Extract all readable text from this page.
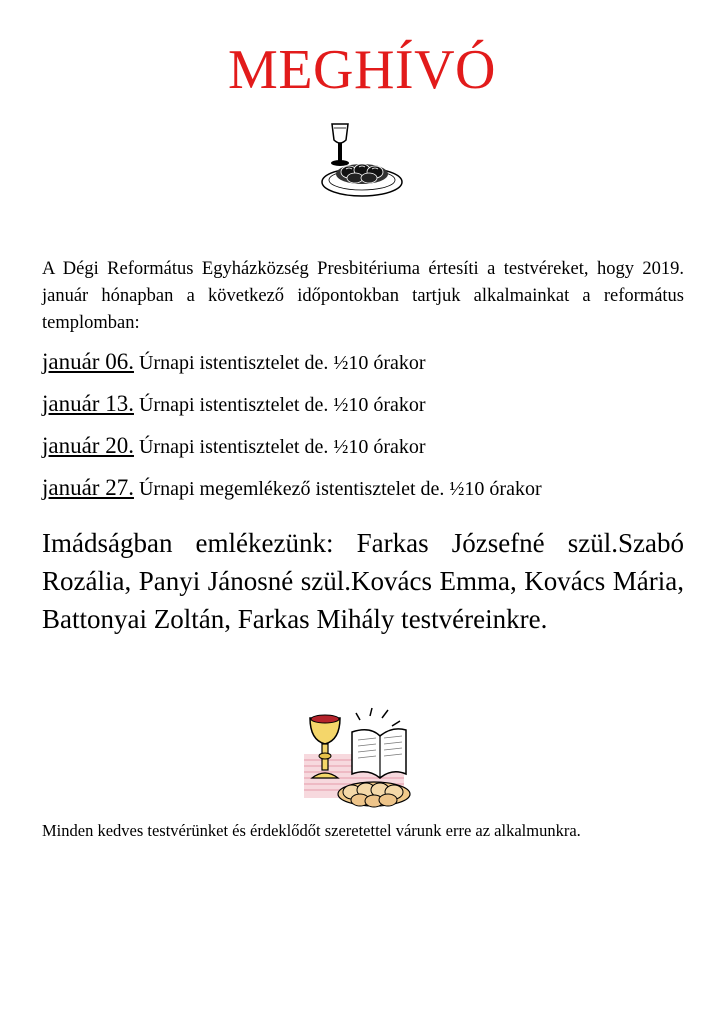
MEGHÍVÓ
A Dégi Református Egyházközség Presbitériuma értesíti a testvéreket, hogy 2019. január hónapban a következő időpontokban tartjuk alkalmainkat a református templomban:
január 06. Úrnapi istentisztelet de. ½10 órakor
január 13. Úrnapi istentisztelet de. ½10 órakor
január 20. Úrnapi istentisztelet de. ½10 órakor
január 27. Úrnapi megemlékező istentisztelet de. ½10 órakor
Imádságban emlékezünk: Farkas Józsefné szül.Szabó Rozália, Panyi Jánosné szül.Kovács Emma, Kovács Mária, Battonyai Zoltán, Farkas Mihály testvéreinkre.
Minden kedves testvérünket és érdeklődőt szeretettel várunk erre az alkalmunkra.
